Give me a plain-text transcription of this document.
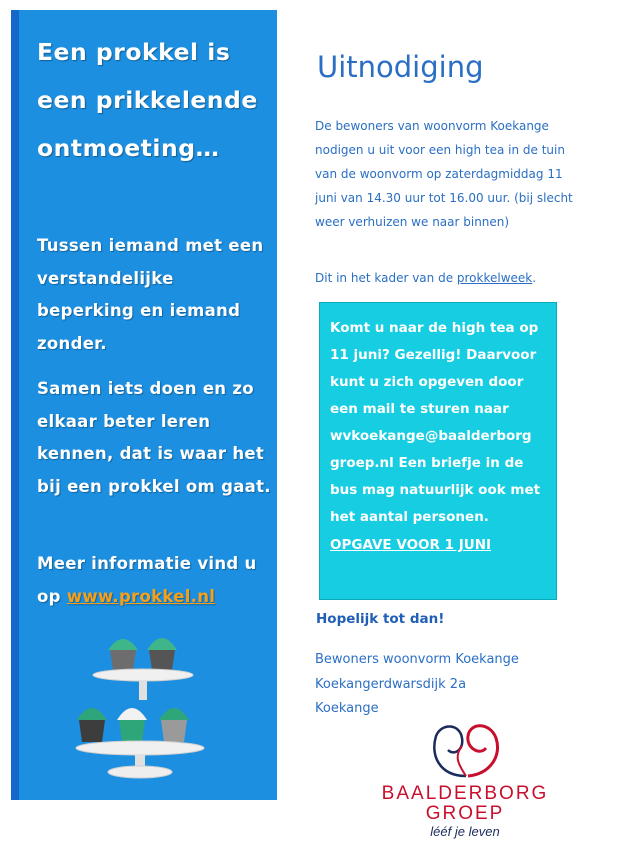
Een prokkel is een prikkelende ontmoeting…
Tussen iemand met een verstandelijke beperking en iemand zonder.
Samen iets doen en zo elkaar beter leren kennen, dat is waar het bij een prokkel om gaat.
Meer informatie vind u op www.prokkel.nl
Uitnodiging
De bewoners van woonvorm Koekange nodigen u uit voor een high tea in de tuin van de woonvorm op zaterdagmiddag 11 juni van 14.30 uur tot 16.00 uur. (bij slecht weer verhuizen we naar binnen)
Dit in het kader van de prokkelweek.
Komt u naar de high tea op 11 juni? Gezellig! Daarvoor kunt u zich opgeven door een mail te sturen naar wvkoekange@baalderborg groep.nl Een briefje in de bus mag natuurlijk ook met het aantal personen.
OPGAVE VOOR 1 JUNI
Hopelijk tot dan!
Bewoners woonvorm Koekange
Koekangerdwarsdijk 2a
Koekange
BAALDERBORG
GROEP
lééf je leven
